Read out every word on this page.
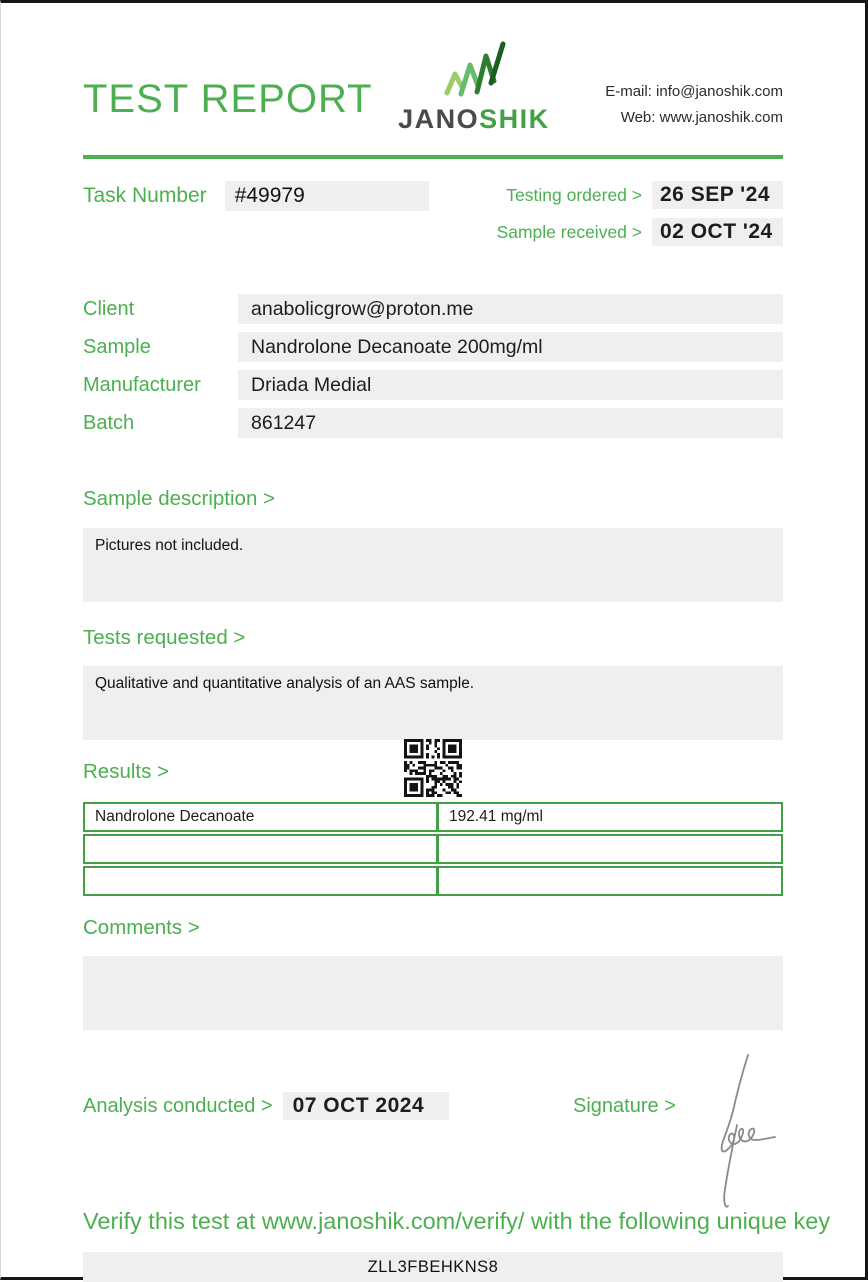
TEST REPORT JANOSHIK
E-mail: info@janoshik.com
Web: www.janoshik.com
Task Number	#49979	Testing ordered > 26 SEP '24
Sample received > 02 OCT '24
Client	anabolicgrow@proton.me
Sample	Nandrolone Decanoate 200mg/ml
Manufacturer	Driada Medial
Batch	861247
Sample description >
Pictures not included.
Tests requested >
Qualitative and quantitative analysis of an AAS sample.
Results >
Nandrolone Decanoate	192.41 mg/ml
Comments >
Analysis conducted > 07 OCT 2024	Signature >
Verify this test at www.janoshik.com/verify/ with the following unique key
ZLL3FBEHKNS8
